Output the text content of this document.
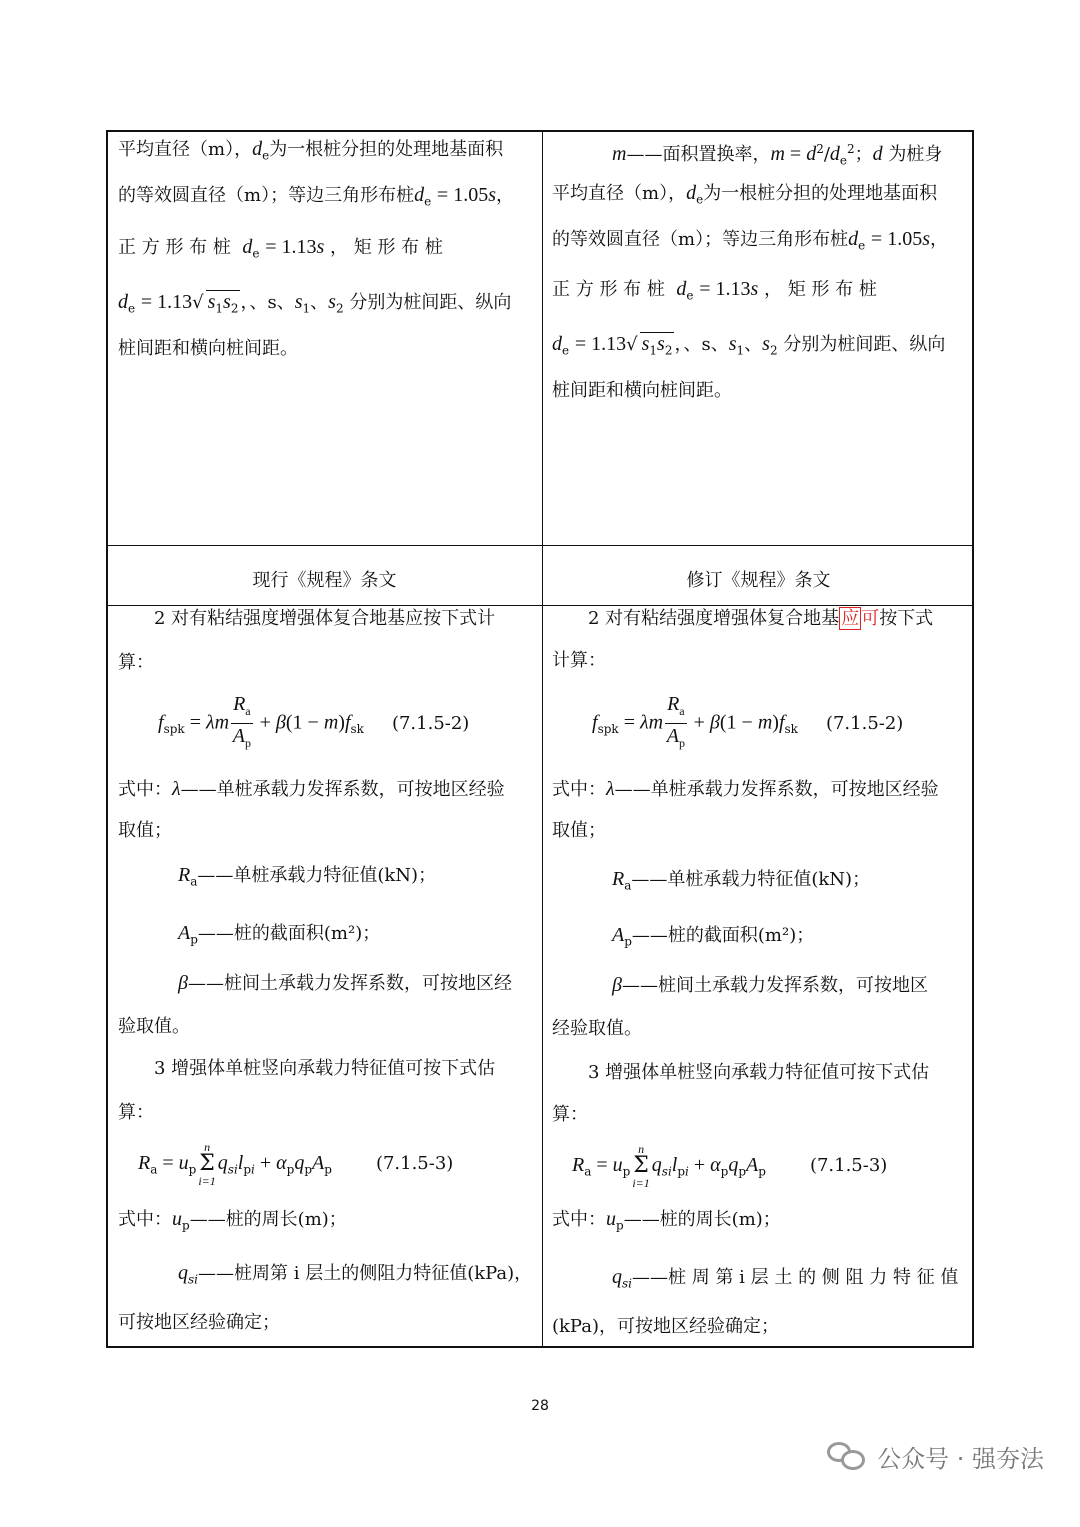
平均直径（m），$d_e$为一根桩分担的处理地基面积
的等效圆直径（m）；等边三角形布桩$d_e = 1.05s$，
正 方 形 布 桩 $d_e = 1.13s$ ， 矩 形 布 桩
$d_e = 1.13√$ $s_1s_2$ ，、s、$s_1$、$s_2$ 分别为桩间距、纵向
桩间距和横向桩间距。
m——面积置换率，$m = d^2/d_e^2$；d 为桩身
平均直径（m），$d_e$为一根桩分担的处理地基面积
的等效圆直径（m）；等边三角形布桩$d_e = 1.05s$，
正 方 形 布 桩 $d_e = 1.13s$ ， 矩 形 布 桩
$d_e = 1.13√$ $s_1s_2$ ，、s、$s_1$、$s_2$ 分别为桩间距、纵向
桩间距和横向桩间距。
现行《规程》条文	修订《规程》条文
2 对有粘结强度增强体复合地基应按下式计
算：
$f_{spk} = \lambda m \frac{R_a}{A_p} + \beta(1 - m)f_{sk}$ (7.1.5-2)
式中：λ——单桩承载力发挥系数，可按地区经验
取值；
$R_a——$单桩承载力特征值(kN)；
$A_p——$桩的截面积(m²)；
β——桩间土承载力发挥系数，可按地区经
验取值。
3 增强体单桩竖向承载力特征值可按下式估
算：
$R_a = u_p$
n
Σ
i=1
$q_{si}l_{pi} + \alpha_pq_pA_p$ (7.1.5-3)
式中：$u_p——$桩的周长(m)；
$q_{si}——$桩周第 i 层土的侧阻力特征值(kPa)，
可按地区经验确定；
2 对有粘结强度增强体复合地基 应 可按下式
计算：
$f_{spk} = \lambda m \frac{R_a}{A_p} + \beta(1 - m)f_{sk}$ (7.1.5-2)
式中：λ——单桩承载力发挥系数，可按地区经验
取值；
$R_a——$单桩承载力特征值(kN)；
$A_p——$桩的截面积(m²)；
β——桩间土承载力发挥系数，可按地区
经验取值。
3 增强体单桩竖向承载力特征值可按下式估
算：
$R_a = u_p$
n
Σ
i=1
$q_{si}l_{pi} + \alpha_pq_pA_p$ (7.1.5-3)
式中：$u_p——$桩的周长(m)；
$q_{si}——$桩 周 第 i 层 土 的 侧 阻 力 特 征 值
(kPa)，可按地区经验确定；
28
公众号 · 强夯法
